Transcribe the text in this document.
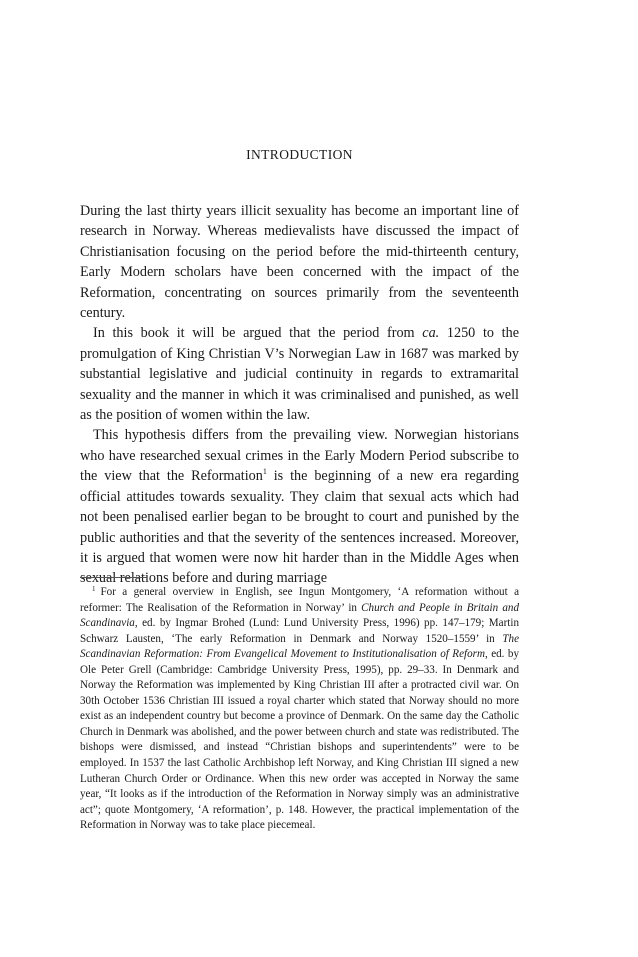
INTRODUCTION

During the last thirty years illicit sexuality has become an important line of research in Norway. Whereas medievalists have discussed the impact of Christianisation focusing on the period before the mid-thirteenth century, Early Modern scholars have been concerned with the impact of the Reformation, concentrating on sources primarily from the seventeenth century.

In this book it will be argued that the period from ca. 1250 to the promulgation of King Christian V’s Norwegian Law in 1687 was marked by substantial legislative and judicial continuity in regards to extramarital sexuality and the manner in which it was criminalised and punished, as well as the position of women within the law.

This hypothesis differs from the prevailing view. Norwegian historians who have researched sexual crimes in the Early Modern Period subscribe to the view that the Reformation$^1$ is the beginning of a new era regarding official attitudes towards sexuality. They claim that sexual acts which had not been penalised earlier began to be brought to court and punished by the public authorities and that the severity of the sentences increased. Moreover, it is argued that women were now hit harder than in the Middle Ages when sexual relations before and during marriage

$^1$ For a general overview in English, see Ingun Montgomery, ‘A reformation without a reformer: The Realisation of the Reformation in Norway’ in Church and People in Britain and Scandinavia, ed. by Ingmar Brohed (Lund: Lund University Press, 1996) pp. 147–179; Martin Schwarz Lausten, ‘The early Reformation in Denmark and Norway 1520–1559’ in The Scandinavian Reformation: From Evangelical Movement to Institutionalisation of Reform, ed. by Ole Peter Grell (Cambridge: Cambridge University Press, 1995), pp. 29–33. In Denmark and Norway the Reformation was implemented by King Christian III after a protracted civil war. On 30th October 1536 Christian III issued a royal charter which stated that Norway should no more exist as an independent country but become a province of Denmark. On the same day the Catholic Church in Denmark was abolished, and the power between church and state was redistributed. The bishops were dismissed, and instead “Christian bishops and superintendents” were to be employed. In 1537 the last Catholic Archbishop left Norway, and King Christian III signed a new Lutheran Church Order or Ordinance. When this new order was accepted in Norway the same year, “It looks as if the introduction of the Reformation in Norway simply was an administrative act”; quote Montgomery, ‘A reformation’, p. 148. However, the practical implementation of the Reformation in Norway was to take place piecemeal.
